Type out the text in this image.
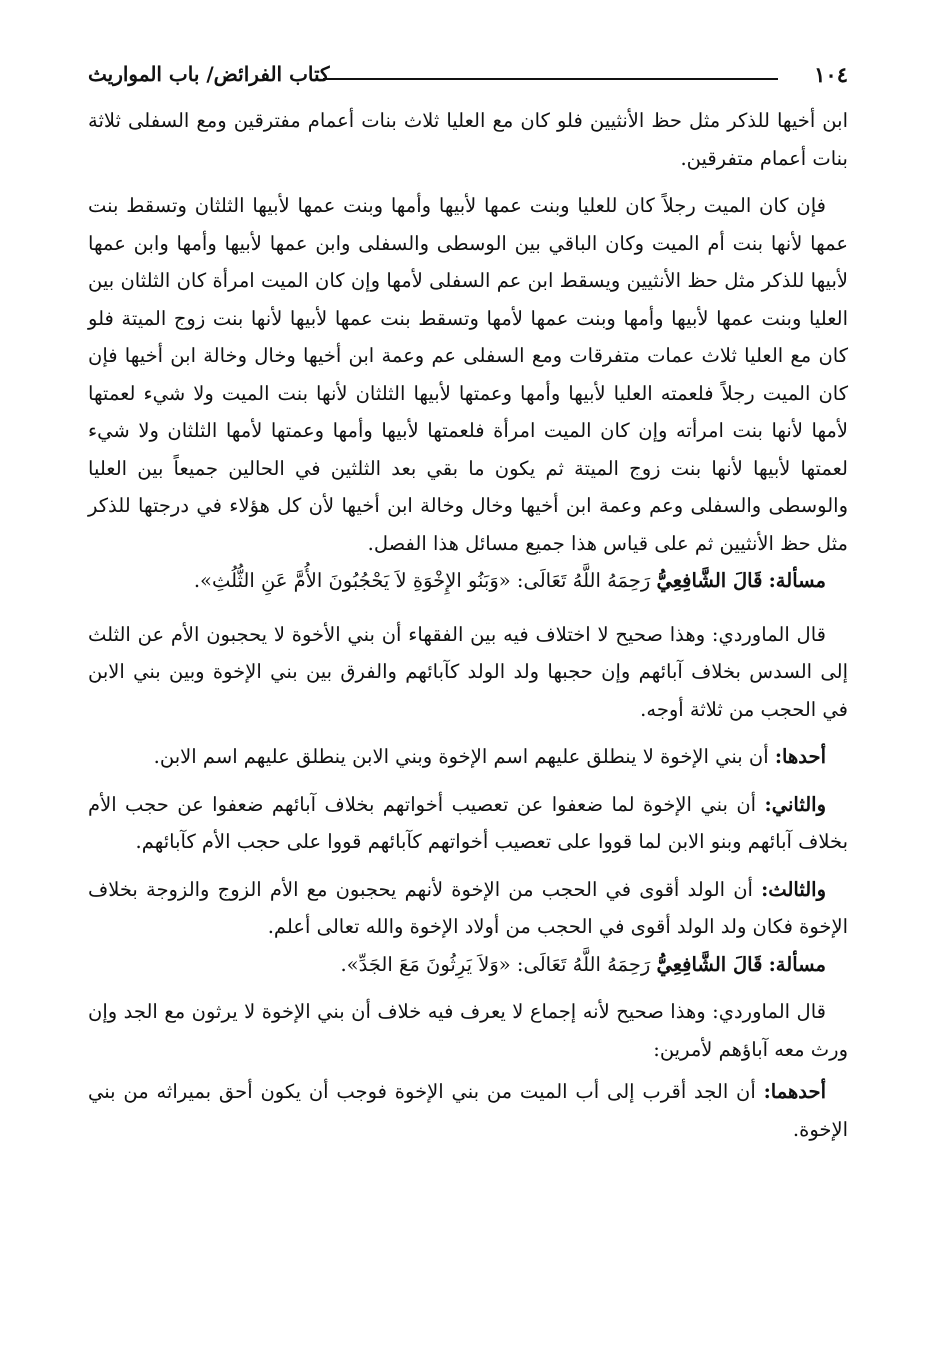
١٠٤
كتاب الفرائض/ باب المواريث

ابن أخيها للذكر مثل حظ الأنثيين فلو كان مع العليا ثلاث بنات أعمام مفترقين ومع السفلى ثلاثة بنات أعمام متفرقين.

فإن كان الميت رجلاً كان للعليا وبنت عمها لأبيها وأمها وبنت عمها لأبيها الثلثان وتسقط بنت عمها لأنها بنت أم الميت وكان الباقي بين الوسطى والسفلى وابن عمها لأبيها وأمها وابن عمها لأبيها للذكر مثل حظ الأنثيين ويسقط ابن عم السفلى لأمها وإن كان الميت امرأة كان الثلثان بين العليا وبنت عمها لأبيها وأمها وبنت عمها لأمها وتسقط بنت عمها لأبيها لأنها بنت زوج الميتة فلو كان مع العليا ثلاث عمات متفرقات ومع السفلى عم وعمة ابن أخيها وخال وخالة ابن أخيها فإن كان الميت رجلاً فلعمته العليا لأبيها وأمها وعمتها لأبيها الثلثان لأنها بنت الميت ولا شيء لعمتها لأمها لأنها بنت امرأته وإن كان الميت امرأة فلعمتها لأبيها وأمها وعمتها لأمها الثلثان ولا شيء لعمتها لأبيها لأنها بنت زوج الميتة ثم يكون ما بقي بعد الثلثين في الحالين جميعاً بين العليا والوسطى والسفلى وعم وعمة ابن أخيها وخال وخالة ابن أخيها لأن كل هؤلاء في درجتها للذكر مثل حظ الأنثيين ثم على قياس هذا جميع مسائل هذا الفصل.

مسألة: قَالَ الشَّافِعِيُّ رَحِمَهُ اللَّهُ تَعَالَى: «وَبَنُو الإِخْوَةِ لاَ يَحْجُبُونَ الأُمَّ عَنِ الثُّلُثِ».

قال الماوردي: وهذا صحيح لا اختلاف فيه بين الفقهاء أن بني الأخوة لا يحجبون الأم عن الثلث إلى السدس بخلاف آبائهم وإن حجبها ولد الولد كآبائهم والفرق بين بني الإخوة وبين بني الابن في الحجب من ثلاثة أوجه.

أحدها: أن بني الإخوة لا ينطلق عليهم اسم الإخوة وبني الابن ينطلق عليهم اسم الابن.

والثاني: أن بني الإخوة لما ضعفوا عن تعصيب أخواتهم بخلاف آبائهم ضعفوا عن حجب الأم بخلاف آبائهم وبنو الابن لما قووا على تعصيب أخواتهم كآبائهم قووا على حجب الأم كآبائهم.

والثالث: أن الولد أقوى في الحجب من الإخوة لأنهم يحجبون مع الأم الزوج والزوجة بخلاف الإخوة فكان ولد الولد أقوى في الحجب من أولاد الإخوة والله تعالى أعلم.

مسألة: قَالَ الشَّافِعِيُّ رَحِمَهُ اللَّهُ تَعَالَى: «وَلاَ يَرِثُونَ مَعَ الجَدِّ».

قال الماوردي: وهذا صحيح لأنه إجماع لا يعرف فيه خلاف أن بني الإخوة لا يرثون مع الجد وإن ورث معه آباؤهم لأمرين:

أحدهما: أن الجد أقرب إلى أب الميت من بني الإخوة فوجب أن يكون أحق بميراثه من بني الإخوة.
